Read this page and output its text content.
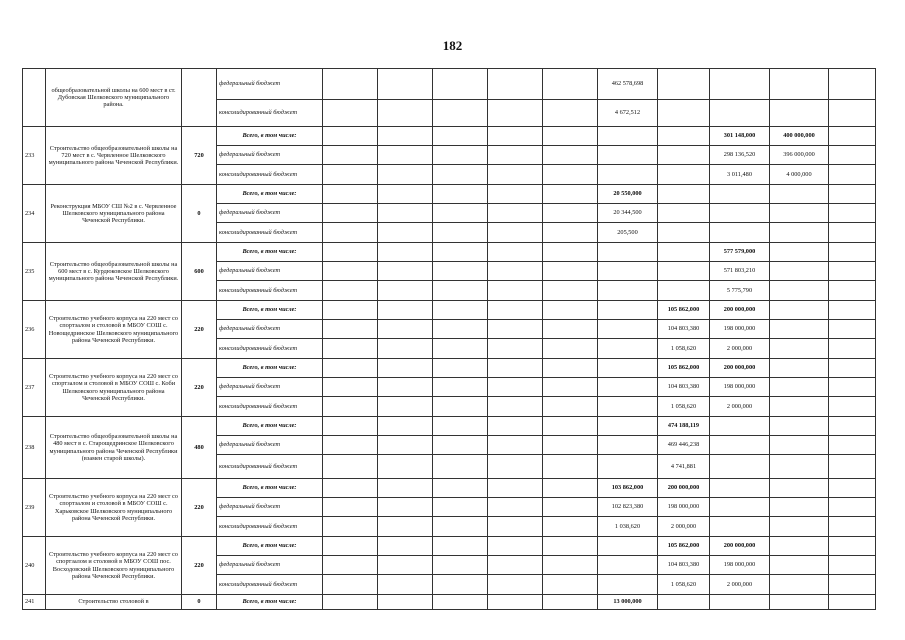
182
	общеобразовательной школы на 600 мест в ст. Дубовская Шелковского муниципального района.		федеральный бюджет						462 578,698				
			консолидированный бюджет						4 672,512				
233	Строительство общеобразовательной школы на 720 мест в с. Червленное Шелковского муниципального района Чеченской Республики.	720	Всего, в том числе:								301 148,000	400 000,000	
			федеральный бюджет								298 136,520	396 000,000	
			консолидированный бюджет								3 011,480	4 000,000	
234	Реконструкция МБОУ СШ №2 в с. Червленное Шелковского муниципального района Чеченской Республики.	0	Всего, в том числе:						20 550,000				
			федеральный бюджет						20 344,500				
			консолидированный бюджет						205,500				
235	Строительство общеобразовательной школы на 600 мест в с. Курдюковское Шелковского муниципального района Чеченской Республики.	600	Всего, в том числе:								577 579,000		
			федеральный бюджет								571 803,210		
			консолидированный бюджет								5 775,790		
236	Строительство учебного корпуса на 220 мест со спортзалом и столовой в МБОУ СОШ с. Новощедринское Шелковского муниципального района Чеченской Республики.	220	Всего, в том числе:							105 862,000	200 000,000		
			федеральный бюджет							104 803,380	198 000,000		
			консолидированный бюджет							1 058,620	2 000,000		
237	Строительство учебного корпуса на 220 мест со спортзалом и столовой в МБОУ СОШ с. Коби Шелковского муниципального района Чеченской Республики.	220	Всего, в том числе:							105 862,000	200 000,000		
			федеральный бюджет							104 803,380	198 000,000		
			консолидированный бюджет							1 058,620	2 000,000		
238	Строительство общеобразовательной школы на 480 мест в с. Старощедринское Шелковского муниципального района Чеченской Республики (взамен старой школы).	480	Всего, в том числе:							474 188,119			
			федеральный бюджет							469 446,238			
			консолидированный бюджет							4 741,881			
239	Строительство учебного корпуса на 220 мест со спортзалом и столовой в МБОУ СОШ с. Харьковское Шелковского муниципального района Чеченской Республики.	220	Всего, в том числе:						103 862,000	200 000,000			
			федеральный бюджет						102 823,380	198 000,000			
			консолидированный бюджет						1 038,620	2 000,000			
240	Строительство учебного корпуса на 220 мест со спортзалом и столовой в МБОУ СОШ пос. Восходовский Шелковского муниципального района Чеченской Республики.	220	Всего, в том числе:							105 862,000	200 000,000		
			федеральный бюджет							104 803,380	198 000,000		
			консолидированный бюджет							1 058,620	2 000,000		
241	Строительство столовой в	0	Всего, в том числе:						13 000,000				
